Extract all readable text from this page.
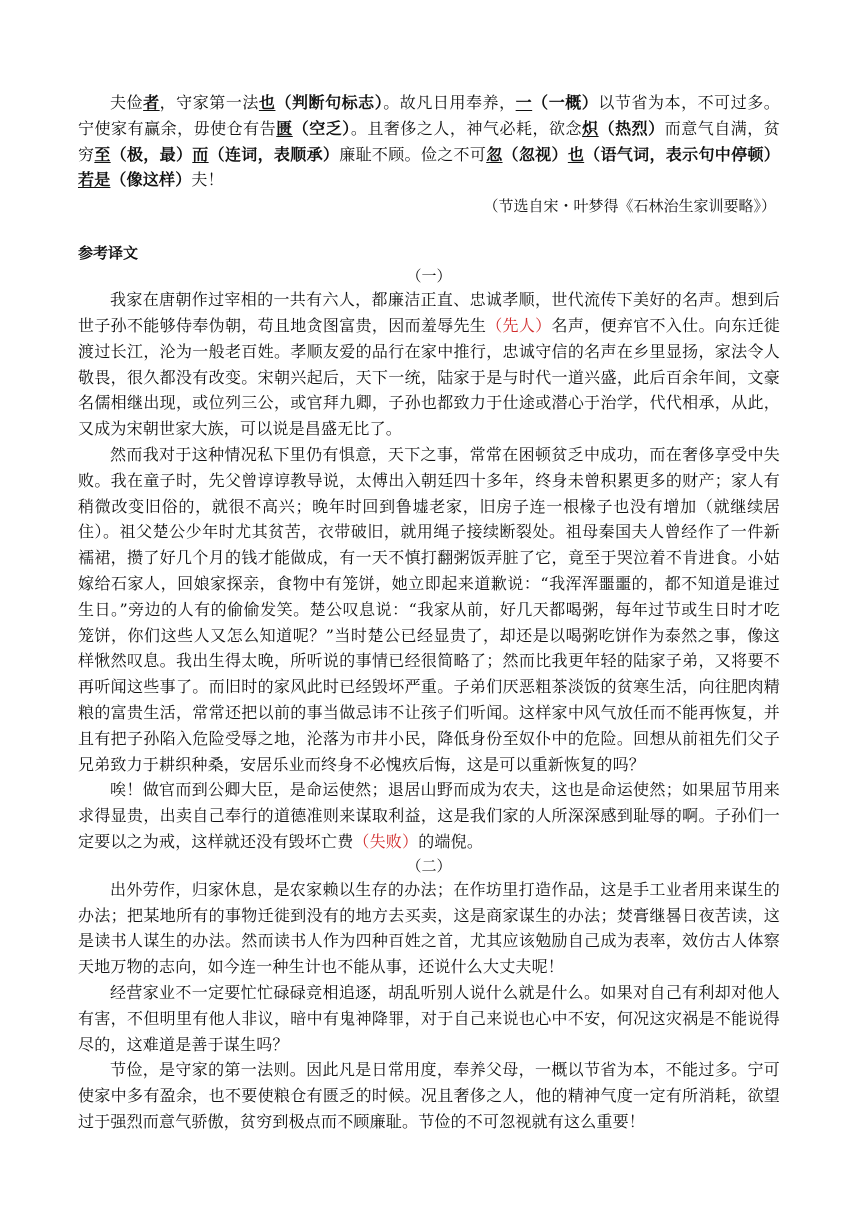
夫俭者，守家第一法也（判断句标志）。故凡日用奉养，一（一概）以节省为本，不可过多。宁使家有赢余，毋使仓有告匮（空乏）。且奢侈之人，神气必耗，欲念炽（热烈）而意气自满，贫穷至（极，最）而（连词，表顺承）廉耻不顾。俭之不可忽（忽视）也（语气词，表示句中停顿）若是（像这样）夫！

（节选自宋・叶梦得《石林治生家训要略》）
参考译文
（一）

我家在唐朝作过宰相的一共有六人，都廉洁正直、忠诚孝顺，世代流传下美好的名声。想到后世子孙不能够侍奉伪朝，苟且地贪图富贵，因而羞辱先生（先人）名声，便弃官不入仕。向东迁徙渡过长江，沦为一般老百姓。孝顺友爱的品行在家中推行，忠诚守信的名声在乡里显扬，家法令人敬畏，很久都没有改变。宋朝兴起后，天下一统，陆家于是与时代一道兴盛，此后百余年间，文豪名儒相继出现，或位列三公，或官拜九卿，子孙也都致力于仕途或潜心于治学，代代相承，从此，又成为宋朝世家大族，可以说是昌盛无比了。

然而我对于这种情况私下里仍有惧意，天下之事，常常在困顿贫乏中成功，而在奢侈享受中失败。我在童子时，先父曾谆谆教导说，太傅出入朝廷四十多年，终身未曾积累更多的财产；家人有稍微改变旧俗的，就很不高兴；晚年时回到鲁墟老家，旧房子连一根椽子也没有增加（就继续居住）。祖父楚公少年时尤其贫苦，衣带破旧，就用绳子接续断裂处。祖母秦国夫人曾经作了一件新襦裙，攒了好几个月的钱才能做成，有一天不慎打翻粥饭弄脏了它，竟至于哭泣着不肯进食。小姑嫁给石家人，回娘家探亲，食物中有笼饼，她立即起来道歉说：“我浑浑噩噩的，都不知道是谁过生日。”旁边的人有的偷偷发笑。楚公叹息说：“我家从前，好几天都喝粥，每年过节或生日时才吃笼饼，你们这些人又怎么知道呢？”当时楚公已经显贵了，却还是以喝粥吃饼作为泰然之事，像这样愀然叹息。我出生得太晚，所听说的事情已经很简略了；然而比我更年轻的陆家子弟，又将要不再听闻这些事了。而旧时的家风此时已经毁坏严重。子弟们厌恶粗茶淡饭的贫寒生活，向往肥肉精粮的富贵生活，常常还把以前的事当做忌讳不让孩子们听闻。这样家中风气放任而不能再恢复，并且有把子孙陷入危险受辱之地，沦落为市井小民，降低身份至奴仆中的危险。回想从前祖先们父子兄弟致力于耕织种桑，安居乐业而终身不必愧疚后悔，这是可以重新恢复的吗？

唉！做官而到公卿大臣，是命运使然；退居山野而成为农夫，这也是命运使然；如果屈节用来求得显贵，出卖自己奉行的道德准则来谋取利益，这是我们家的人所深深感到耻辱的啊。子孙们一定要以之为戒，这样就还没有毁坏亡费（失败）的端倪。

（二）

出外劳作，归家休息，是农家赖以生存的办法；在作坊里打造作品，这是手工业者用来谋生的办法；把某地所有的事物迁徙到没有的地方去买卖，这是商家谋生的办法；焚膏继晷日夜苦读，这是读书人谋生的办法。然而读书人作为四种百姓之首，尤其应该勉励自己成为表率，效仿古人体察天地万物的志向，如今连一种生计也不能从事，还说什么大丈夫呢！

经营家业不一定要忙忙碌碌竞相追逐，胡乱听别人说什么就是什么。如果对自己有利却对他人有害，不但明里有他人非议，暗中有鬼神降罪，对于自己来说也心中不安，何况这灾祸是不能说得尽的，这难道是善于谋生吗？

节俭，是守家的第一法则。因此凡是日常用度，奉养父母，一概以节省为本，不能过多。宁可使家中多有盈余，也不要使粮仓有匮乏的时候。况且奢侈之人，他的精神气度一定有所消耗，欲望过于强烈而意气骄傲，贫穷到极点而不顾廉耻。节俭的不可忽视就有这么重要！
